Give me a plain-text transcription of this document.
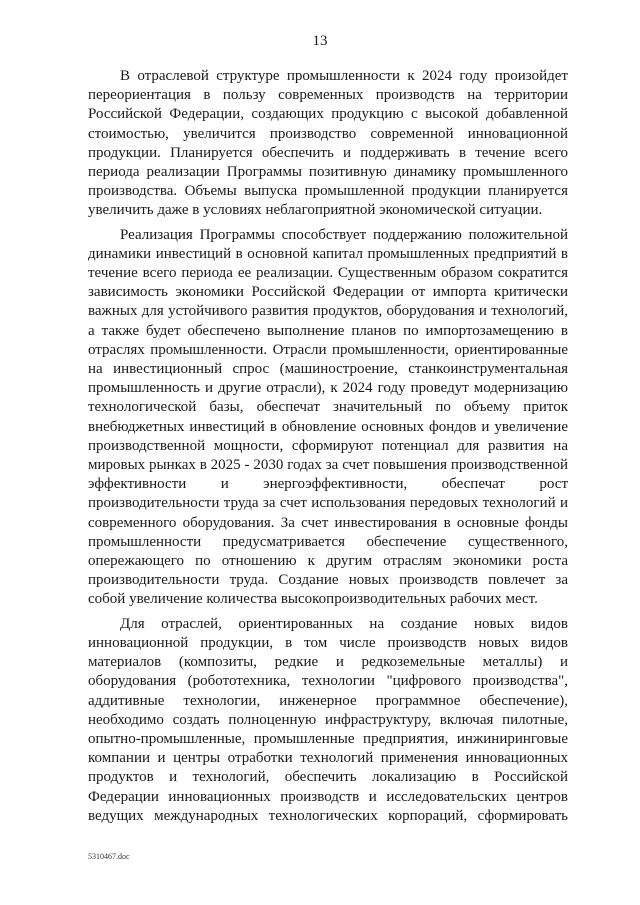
13

В отраслевой структуре промышленности к 2024 году произойдет переориентация в пользу современных производств на территории Российской Федерации, создающих продукцию с высокой добавленной стоимостью, увеличится производство современной инновационной продукции. Планируется обеспечить и поддерживать в течение всего периода реализации Программы позитивную динамику промышленного производства. Объемы выпуска промышленной продукции планируется увеличить даже в условиях неблагоприятной экономической ситуации.

Реализация Программы способствует поддержанию положительной динамики инвестиций в основной капитал промышленных предприятий в течение всего периода ее реализации. Существенным образом сократится зависимость экономики Российской Федерации от импорта критически важных для устойчивого развития продуктов, оборудования и технологий, а также будет обеспечено выполнение планов по импортозамещению в отраслях промышленности. Отрасли промышленности, ориентированные на инвестиционный спрос (машиностроение, станкоинструментальная промышленность и другие отрасли), к 2024 году проведут модернизацию технологической базы, обеспечат значительный по объему приток внебюджетных инвестиций в обновление основных фондов и увеличение производственной мощности, сформируют потенциал для развития на мировых рынках в 2025 - 2030 годах за счет повышения производственной эффективности и энергоэффективности, обеспечат рост производительности труда за счет использования передовых технологий и современного оборудования. За счет инвестирования в основные фонды промышленности предусматривается обеспечение существенного, опережающего по отношению к другим отраслям экономики роста производительности труда. Создание новых производств повлечет за собой увеличение количества высокопроизводительных рабочих мест.

Для отраслей, ориентированных на создание новых видов инновационной продукции, в том числе производств новых видов материалов (композиты, редкие и редкоземельные металлы) и оборудования (робототехника, технологии "цифрового производства", аддитивные технологии, инженерное программное обеспечение), необходимо создать полноценную инфраструктуру, включая пилотные, опытно-промышленные, промышленные предприятия, инжиниринговые компании и центры отработки технологий применения инновационных продуктов и технологий, обеспечить локализацию в Российской Федерации инновационных производств и исследовательских центров ведущих международных технологических корпораций, сформировать

5310467.doc
